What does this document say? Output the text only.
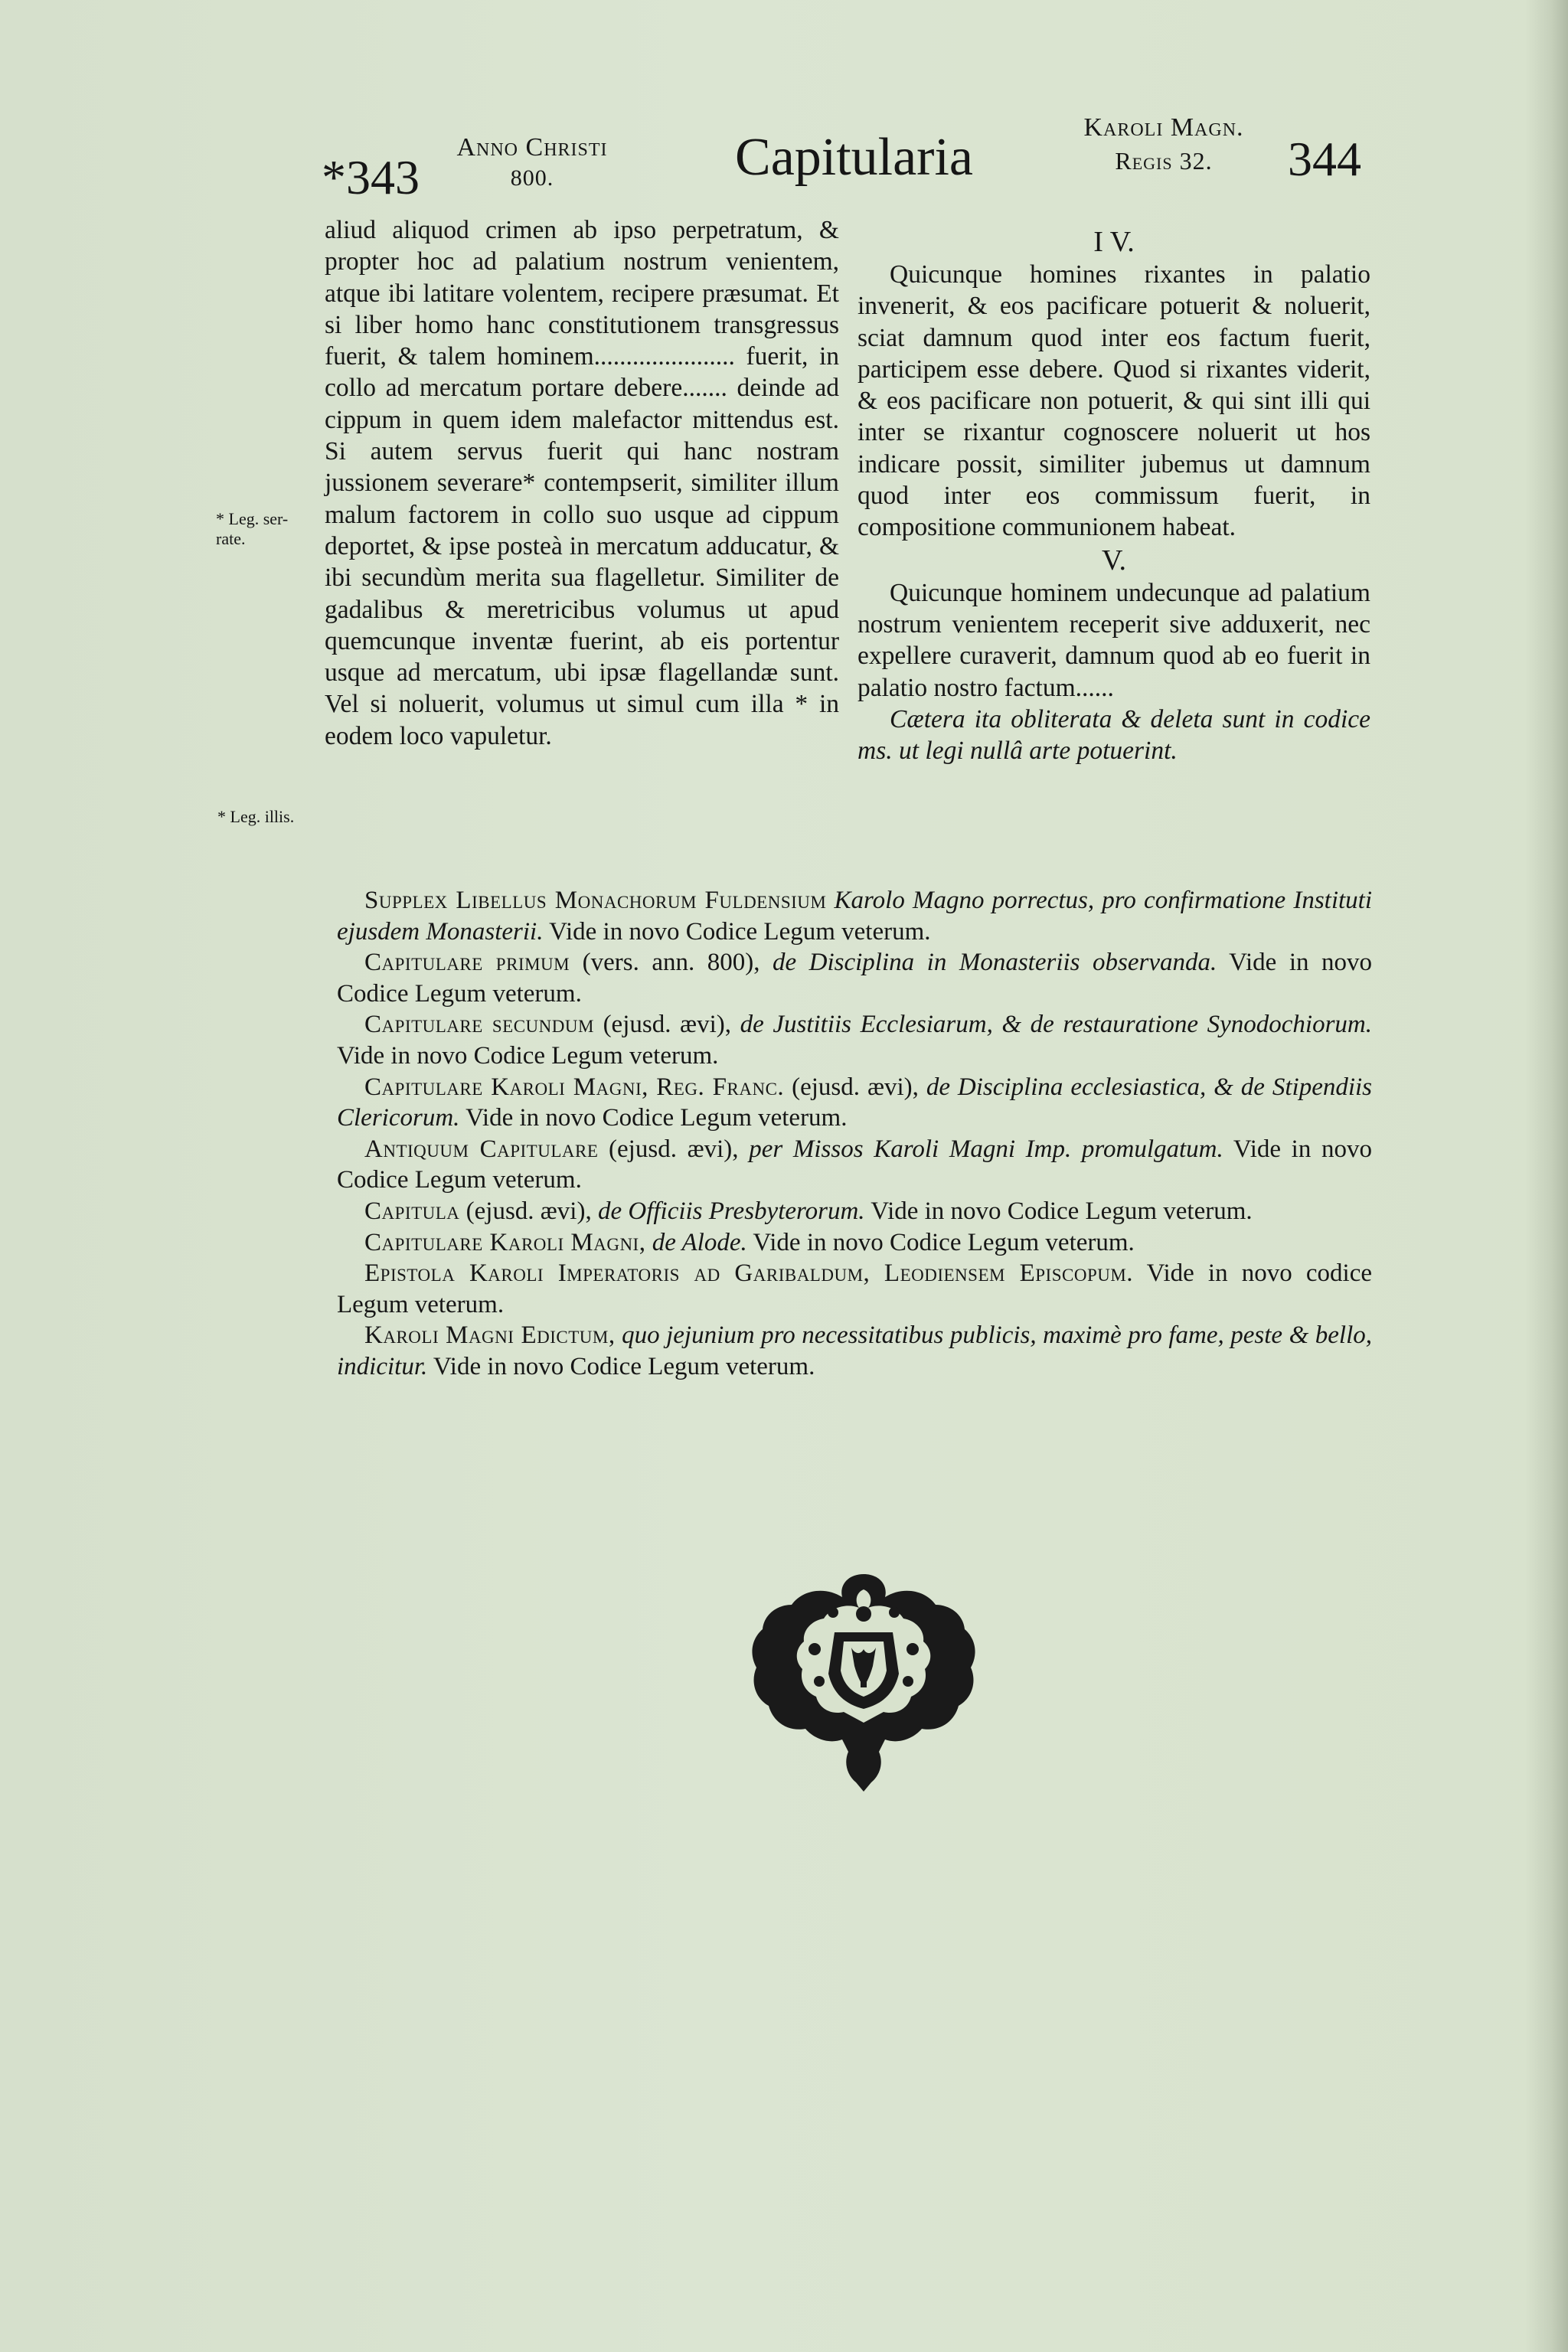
*343
Anno Christi
800.	Capitularia
Karoli Magn.
Regis 32.	344
* Leg. ser-rate.
* Leg. illis.

aliud aliquod crimen ab ipso perpetratum, & propter hoc ad palatium nostrum venientem, atque ibi latitare volentem, recipere præsumat. Et si liber homo hanc constitutionem transgressus fuerit, & talem hominem...................... fuerit, in collo ad mercatum portare debere....... deinde ad cippum in quem idem malefactor mittendus est. Si autem servus fuerit qui hanc nostram jussionem severare* contempserit, similiter illum malum factorem in collo suo usque ad cippum deportet, & ipse posteà in mercatum adducatur, & ibi secundùm merita sua flagelletur. Similiter de gadalibus & meretricibus volumus ut apud quemcunque inventæ fuerint, ab eis portentur usque ad mercatum, ubi ipsæ flagellandæ sunt. Vel si noluerit, volumus ut simul cum illa * in eodem loco vapuletur.

I V.

Quicunque homines rixantes in palatio invenerit, & eos pacificare potuerit & noluerit, sciat damnum quod inter eos factum fuerit, participem esse debere. Quod si rixantes viderit, & eos pacificare non potuerit, & qui sint illi qui inter se rixantur cognoscere noluerit ut hos indicare possit, similiter jubemus ut damnum quod inter eos commissum fuerit, in compositione communionem habeat.

V.

Quicunque hominem undecunque ad palatium nostrum venientem receperit sive adduxerit, nec expellere curaverit, damnum quod ab eo fuerit in palatio nostro factum......

Cætera ita obliterata & deleta sunt in codice ms. ut legi nullâ arte potuerint.

Supplex Libellus Monachorum Fuldensium Karolo Magno porrectus, pro confirmatione Instituti ejusdem Monasterii. Vide in novo Codice Legum veterum.

Capitulare primum (vers. ann. 800), de Disciplina in Monasteriis observanda. Vide in novo Codice Legum veterum.

Capitulare secundum (ejusd. ævi), de Justitiis Ecclesiarum, & de restauratione Synodochiorum. Vide in novo Codice Legum veterum.

Capitulare Karoli Magni, Reg. Franc. (ejusd. ævi), de Disciplina ecclesiastica, & de Stipendiis Clericorum. Vide in novo Codice Legum veterum.

Antiquum Capitulare (ejusd. ævi), per Missos Karoli Magni Imp. promulgatum. Vide in novo Codice Legum veterum.

Capitula (ejusd. ævi), de Officiis Presbyterorum. Vide in novo Codice Legum veterum.

Capitulare Karoli Magni, de Alode. Vide in novo Codice Legum veterum.

Epistola Karoli Imperatoris ad Garibaldum, Leodiensem Episcopum. Vide in novo codice Legum veterum.

Karoli Magni Edictum, quo jejunium pro necessitatibus publicis, maximè pro fame, peste & bello, indicitur. Vide in novo Codice Legum veterum.
